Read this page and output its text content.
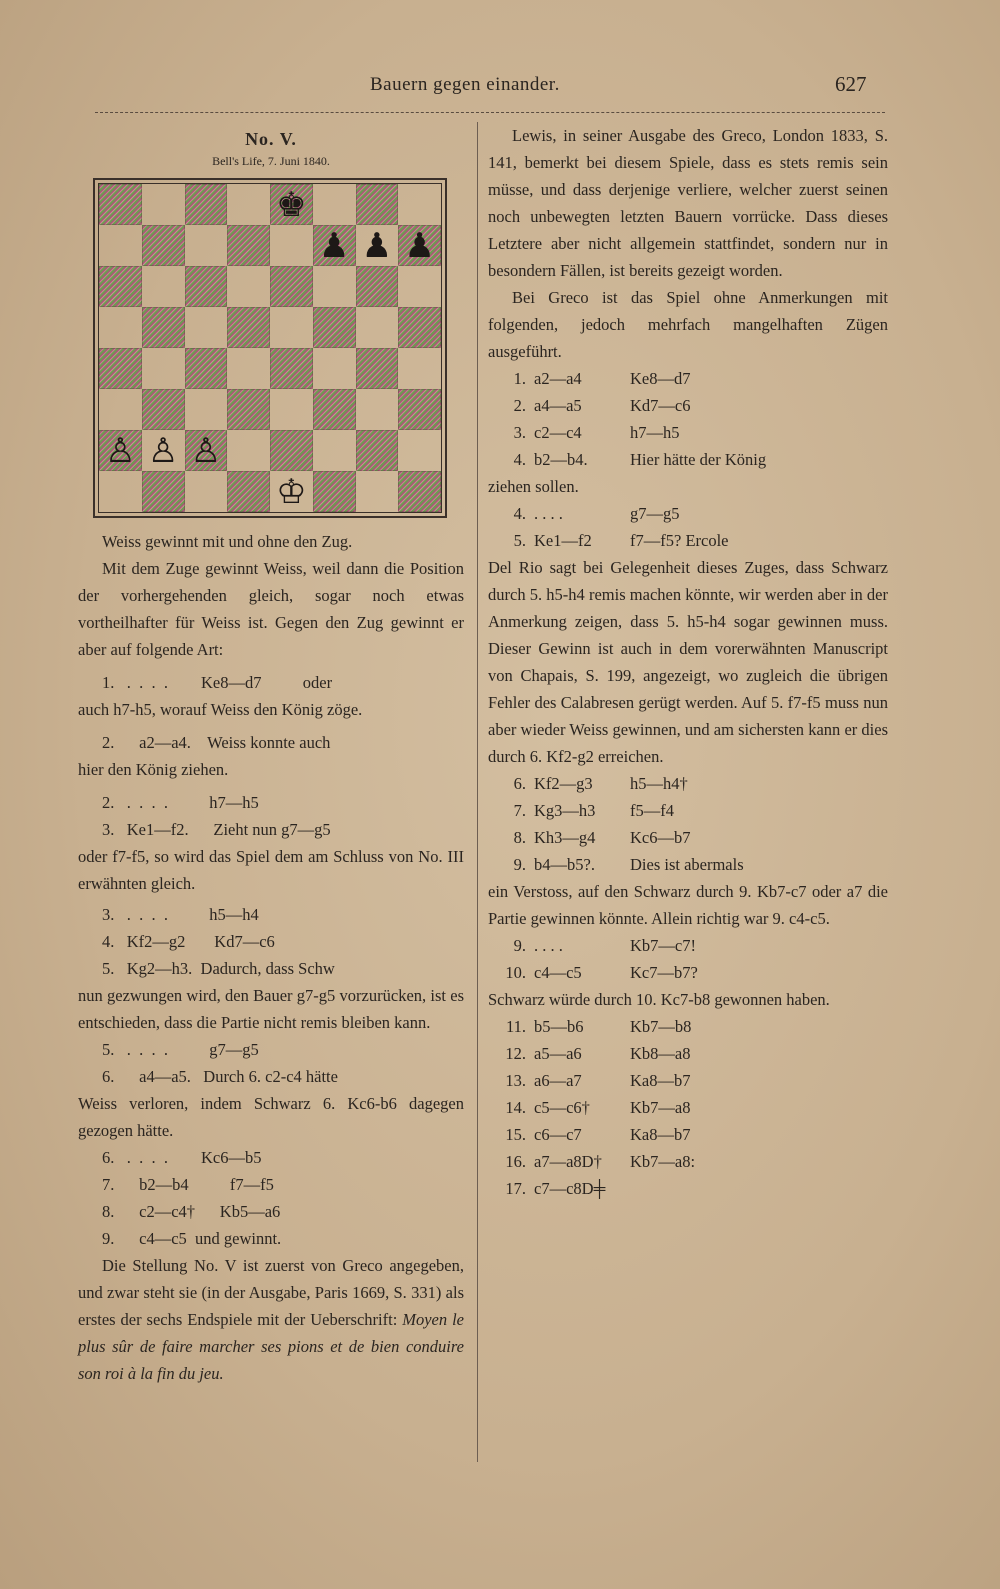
Bauern gegen einander.	627
No. V.
Bell's Life, 7. Juni 1840.
♚
♟ ♟ ♟
♙ ♙ ♙
♔

Weiss gewinnt mit und ohne den Zug.

Mit dem Zuge gewinnt Weiss, weil dann die Position der vorhergehenden gleich, sogar noch etwas vortheilhafter für Weiss ist. Gegen den Zug gewinnt er aber auf folgende Art:

1.   .  .  .  .        Ke8—d7          oder

auch h7-h5, worauf Weiss den König zöge.

2.      a2—a4.    Weiss konnte auch

hier den König ziehen.

2.   .  .  .  .          h7—h5

3.   Ke1—f2.      Zieht nun g7—g5

oder f7-f5, so wird das Spiel dem am Schluss von No. III erwähnten gleich.

3.   .  .  .  .          h5—h4

4.   Kf2—g2       Kd7—c6

5.   Kg2—h3.  Dadurch, dass Schw

nun gezwungen wird, den Bauer g7-g5 vorzurücken, ist es entschieden, dass die Partie nicht remis bleiben kann.

5.   .  .  .  .          g7—g5

6.      a4—a5.   Durch 6. c2-c4 hätte

Weiss verloren, indem Schwarz 6. Kc6-b6 dagegen gezogen hätte.

6.   .  .  .  .        Kc6—b5

7.      b2—b4          f7—f5

8.      c2—c4†      Kb5—a6

9.      c4—c5  und gewinnt.

Die Stellung No. V ist zuerst von Greco angegeben, und zwar steht sie (in der Ausgabe, Paris 1669, S. 331) als erstes der sechs Endspiele mit der Ueberschrift: Moyen le plus sûr de faire marcher ses pions et de bien conduire son roi à la fin du jeu.

Lewis, in seiner Ausgabe des Greco, London 1833, S. 141, bemerkt bei diesem Spiele, dass es stets remis sein müsse, und dass derjenige verliere, welcher zuerst seinen noch unbewegten letzten Bauern vorrücke. Dass dieses Letztere aber nicht allgemein stattfindet, sondern nur in besondern Fällen, ist bereits gezeigt worden.

Bei Greco ist das Spiel ohne Anmerkungen mit folgenden, jedoch mehrfach mangelhaften Zügen ausgeführt.

1. a2—a4	Ke8—d7
2. a4—a5	Kd7—c6
3. c2—c4	h7—h5
4. b2—b4.	Hier hätte der König

ziehen sollen.

4. . . . .	g7—g5
5. Ke1—f2	f7—f5? Ercole

Del Rio sagt bei Gelegenheit dieses Zuges, dass Schwarz durch 5. h5-h4 remis machen könnte, wir werden aber in der Anmerkung zeigen, dass 5. h5-h4 sogar gewinnen muss. Dieser Gewinn ist auch in dem vorerwähnten Manuscript von Chapais, S. 199, angezeigt, wo zugleich die übrigen Fehler des Calabresen gerügt werden. Auf 5. f7-f5 muss nun aber wieder Weiss gewinnen, und am sichersten kann er dies durch 6. Kf2-g2 erreichen.

6. Kf2—g3	h5—h4†
7. Kg3—h3	f5—f4
8. Kh3—g4	Kc6—b7
9. b4—b5?.	Dies ist abermals

ein Verstoss, auf den Schwarz durch 9. Kb7-c7 oder a7 die Partie gewinnen könnte. Allein richtig war 9. c4-c5.

9. . . . .	Kb7—c7!
10. c4—c5	Kc7—b7?

Schwarz würde durch 10. Kc7-b8 gewonnen haben.

11. b5—b6	Kb7—b8
12. a5—a6	Kb8—a8
13. a6—a7	Ka8—b7
14. c5—c6†	Kb7—a8
15. c6—c7	Ka8—b7
16. a7—a8D†	Kb7—a8:
17. c7—c8D╪
